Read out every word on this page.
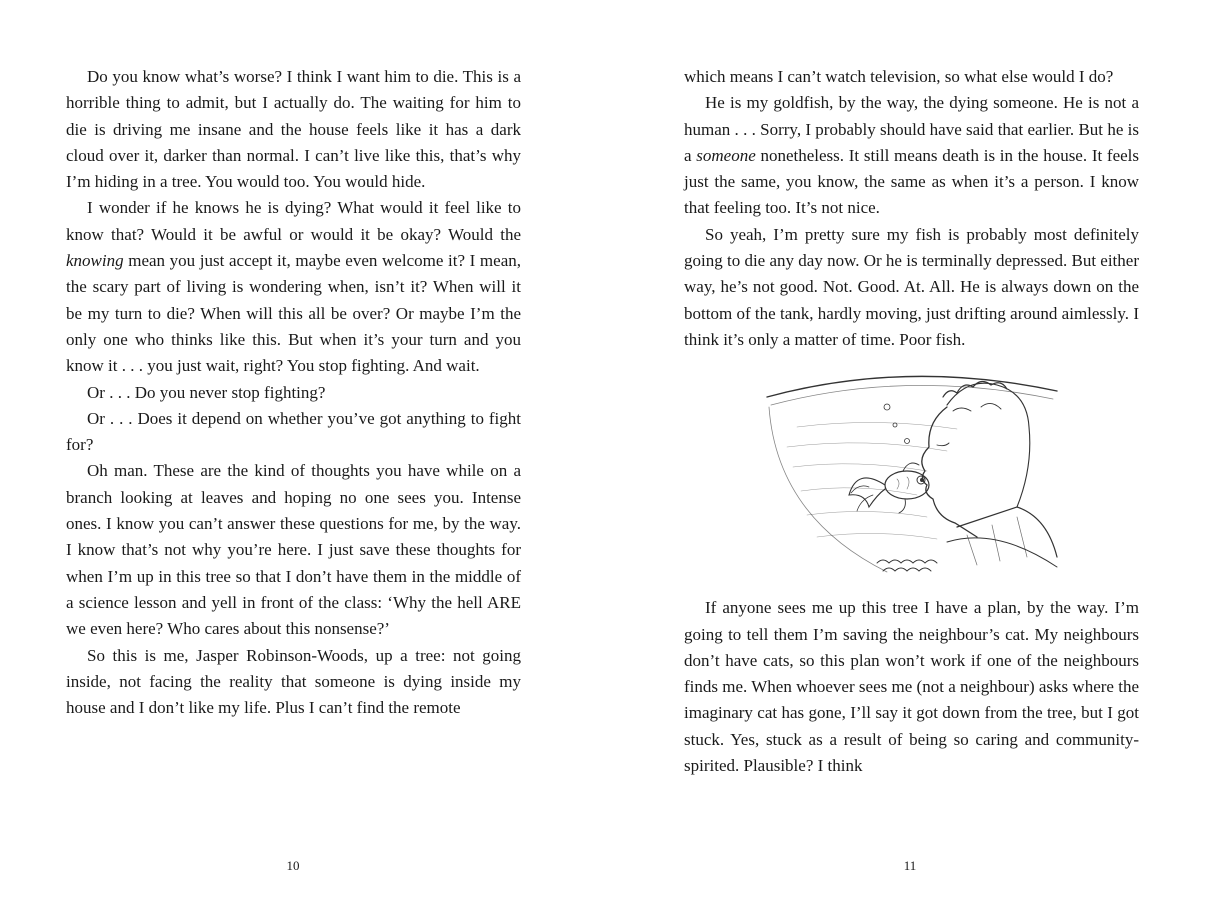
Do you know what’s worse? I think I want him to die. This is a horrible thing to admit, but I actually do. The waiting for him to die is driving me insane and the house feels like it has a dark cloud over it, darker than normal. I can’t live like this, that’s why I’m hiding in a tree. You would too. You would hide.

I wonder if he knows he is dying? What would it feel like to know that? Would it be awful or would it be okay? Would the knowing mean you just accept it, maybe even welcome it? I mean, the scary part of living is wondering when, isn’t it? When will it be my turn to die? When will this all be over? Or maybe I’m the only one who thinks like this. But when it’s your turn and you know it . . . you just wait, right? You stop fighting. And wait.

Or . . . Do you never stop fighting?

Or . . . Does it depend on whether you’ve got anything to fight for?

Oh man. These are the kind of thoughts you have while on a branch looking at leaves and hoping no one sees you. Intense ones. I know you can’t answer these questions for me, by the way. I know that’s not why you’re here. I just save these thoughts for when I’m up in this tree so that I don’t have them in the middle of a science lesson and yell in front of the class: ‘Why the hell ARE we even here? Who cares about this nonsense?’

So this is me, Jasper Robinson-Woods, up a tree: not going inside, not facing the reality that someone is dying inside my house and I don’t like my life. Plus I can’t find the remote

which means I can’t watch television, so what else would I do?

He is my goldfish, by the way, the dying someone. He is not a human . . . Sorry, I probably should have said that earlier. But he is a someone nonetheless. It still means death is in the house. It feels just the same, you know, the same as when it’s a person. I know that feeling too. It’s not nice.

So yeah, I’m pretty sure my fish is probably most definitely going to die any day now. Or he is terminally depressed. But either way, he’s not good. Not. Good. At. All. He is always down on the bottom of the tank, hardly moving, just drifting around aimlessly. I think it’s only a matter of time. Poor fish.

If anyone sees me up this tree I have a plan, by the way. I’m going to tell them I’m saving the neighbour’s cat. My neighbours don’t have cats, so this plan won’t work if one of the neighbours finds me. When whoever sees me (not a neighbour) asks where the imaginary cat has gone, I’ll say it got down from the tree, but I got stuck. Yes, stuck as a result of being so caring and community-spirited. Plausible? I think

10	11
